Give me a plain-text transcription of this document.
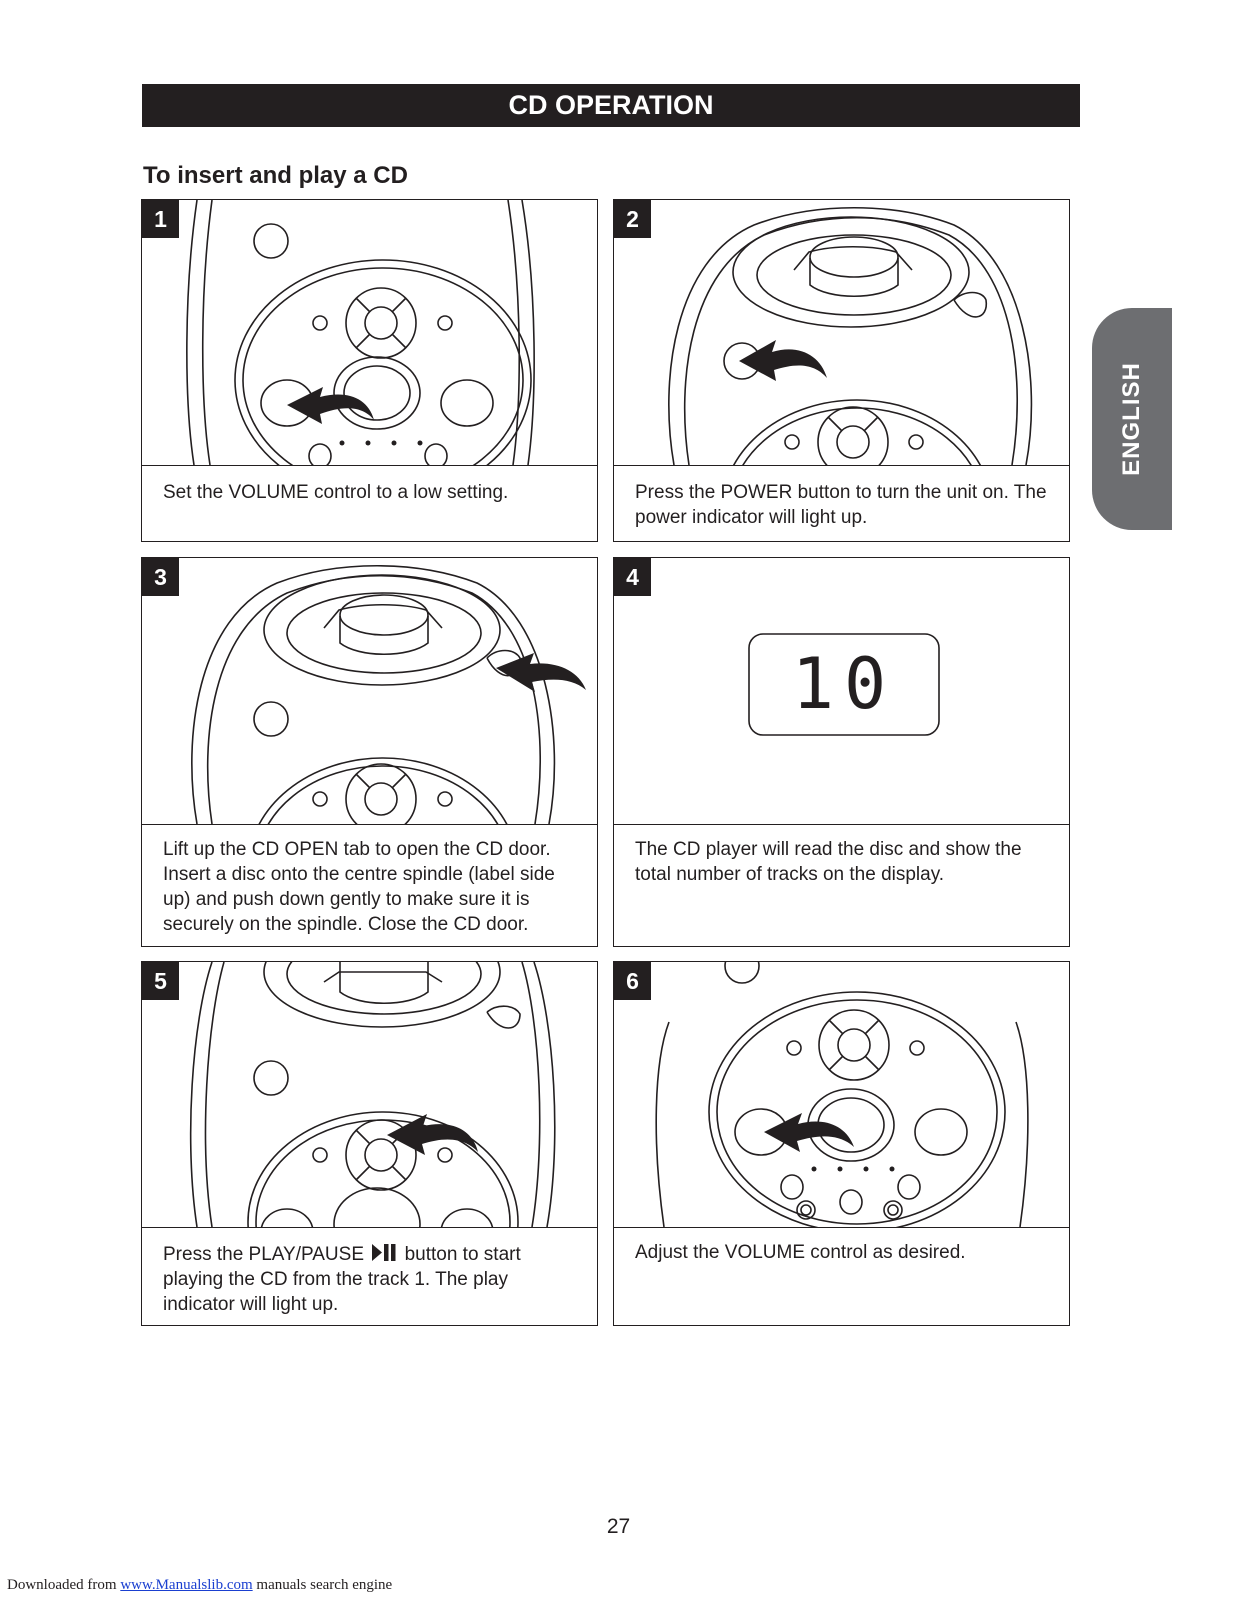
CD OPERATION
To insert and play a CD
ENGLISH
1
Set the VOLUME control to a low setting.
2
Press the POWER button to turn the unit on. The power indicator will light up.
3
Lift up the CD OPEN tab to open the CD door. Insert a disc onto the centre spindle (label side up) and push down gently to make sure it is securely on the spindle. Close the CD door.
4
10
The CD player will read the disc and show the total number of tracks on the display.
5
Press the PLAY/PAUSE button to start playing the CD from the track 1. The play indicator will light up.
6
Adjust the VOLUME control as desired.
27
Downloaded from www.Manualslib.com manuals search engine
